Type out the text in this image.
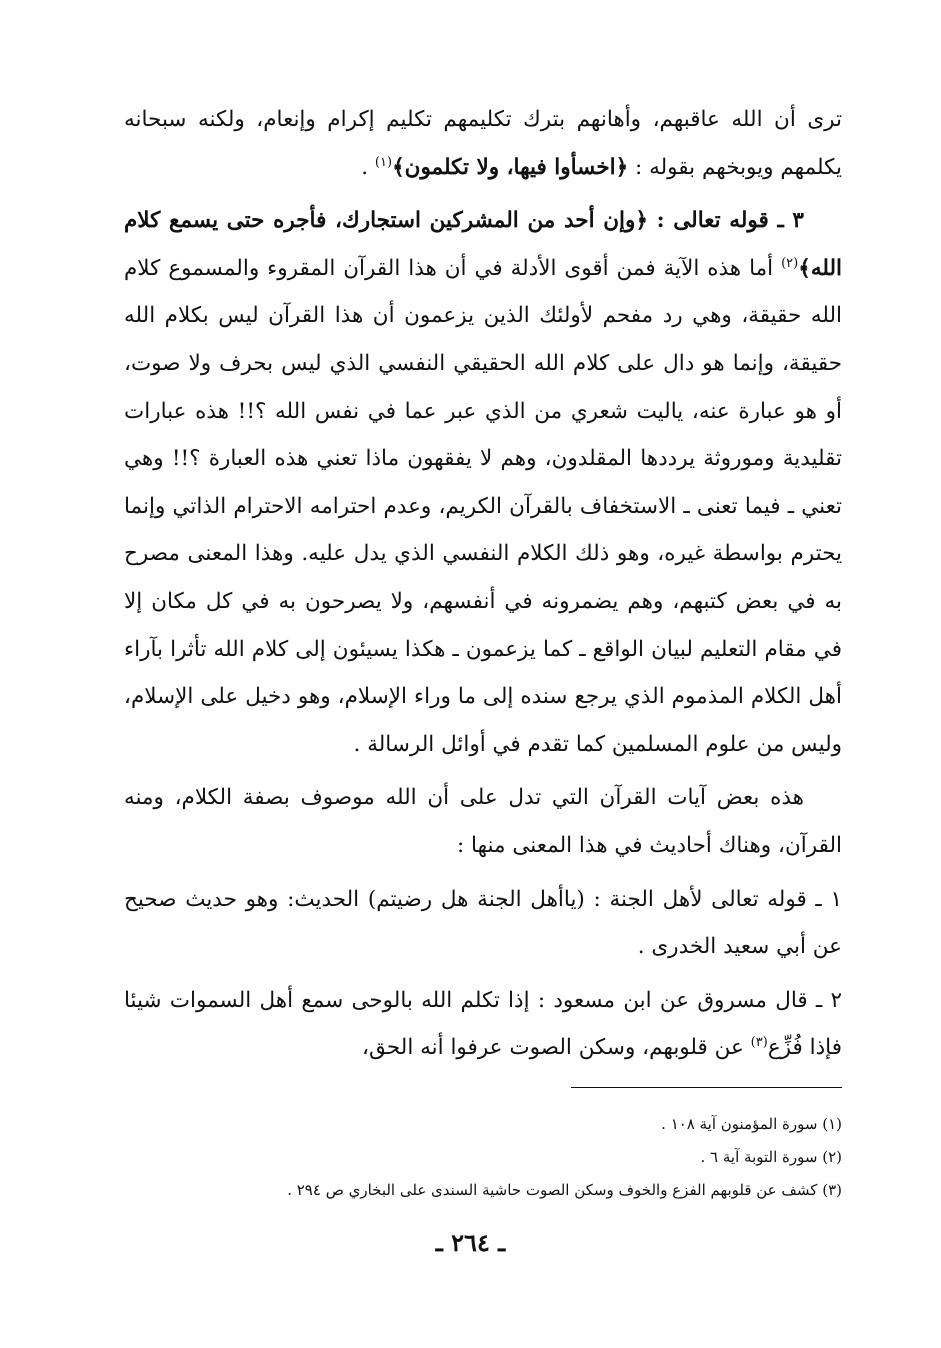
ترى أن الله عاقبهم، وأهانهم بترك تكليمهم تكليم إكرام وإنعام، ولكنه سبحانه يكلمهم ويوبخهم بقوله : ﴿اخسأوا فيها، ولا تكلمون﴾$^{(١)}$ .

٣ ـ قوله تعالى : ﴿وإن أحد من المشركين استجارك، فأجره حتى يسمع كلام الله﴾$^{(٢)}$ أما هذه الآية فمن أقوى الأدلة في أن هذا القرآن المقروء والمسموع كلام الله حقيقة، وهي رد مفحم لأولئك الذين يزعمون أن هذا القرآن ليس بكلام الله حقيقة، وإنما هو دال على كلام الله الحقيقي النفسي الذي ليس بحرف ولا صوت، أو هو عبارة عنه، ياليت شعري من الذي عبر عما في نفس الله ؟!! هذه عبارات تقليدية وموروثة يرددها المقلدون، وهم لا يفقهون ماذا تعني هذه العبارة ؟!! وهي تعني ـ فيما تعنى ـ الاستخفاف بالقرآن الكريم، وعدم احترامه الاحترام الذاتي وإنما يحترم بواسطة غيره، وهو ذلك الكلام النفسي الذي يدل عليه. وهذا المعنى مصرح به في بعض كتبهم، وهم يضمرونه في أنفسهم، ولا يصرحون به في كل مكان إلا في مقام التعليم لبيان الواقع ـ كما يزعمون ـ هكذا يسيئون إلى كلام الله تأثرا بآراء أهل الكلام المذموم الذي يرجع سنده إلى ما وراء الإسلام، وهو دخيل على الإسلام، وليس من علوم المسلمين كما تقدم في أوائل الرسالة .

هذه بعض آيات القرآن التي تدل على أن الله موصوف بصفة الكلام، ومنه القرآن، وهناك أحاديث في هذا المعنى منها :

١ ـ قوله تعالى لأهل الجنة : (ياأهل الجنة هل رضيتم) الحديث: وهو حديث صحيح عن أبي سعيد الخدرى .

٢ ـ قال مسروق عن ابن مسعود : إذا تكلم الله بالوحى سمع أهل السموات شيئا فإذا فُزِّع$^{(٣)}$ عن قلوبهم، وسكن الصوت عرفوا أنه الحق،

(١) سورة المؤمنون آية ١٠٨ .
(٢) سورة التوبة آية ٦ .
(٣) كشف عن قلوبهم الفزع والخوف وسكن الصوت حاشية السندى على البخاري ص ٢٩٤ .
ـ ٢٦٤ ـ
